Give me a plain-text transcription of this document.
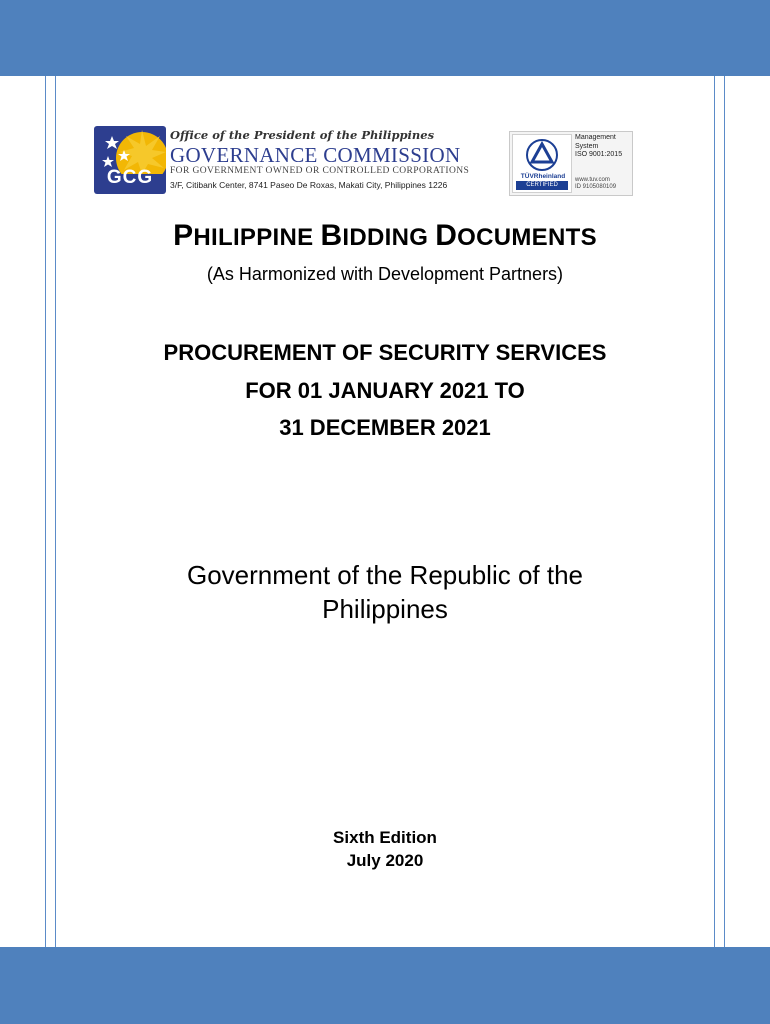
GCG
Office of the President of the Philippines
GOVERNANCE COMMISSION
FOR GOVERNMENT OWNED OR CONTROLLED CORPORATIONS
3/F, Citibank Center, 8741 Paseo De Roxas, Makati City, Philippines 1226
TÜVRheinland
CERTIFIED
Management
System
ISO 9001:2015
www.tuv.com
ID 9105080109
PHILIPPINE BIDDING DOCUMENTS
(As Harmonized with Development Partners)
PROCUREMENT OF SECURITY SERVICES
FOR 01 JANUARY 2021 TO
31 DECEMBER 2021
Government of the Republic of the
Philippines
Sixth Edition
July 2020
